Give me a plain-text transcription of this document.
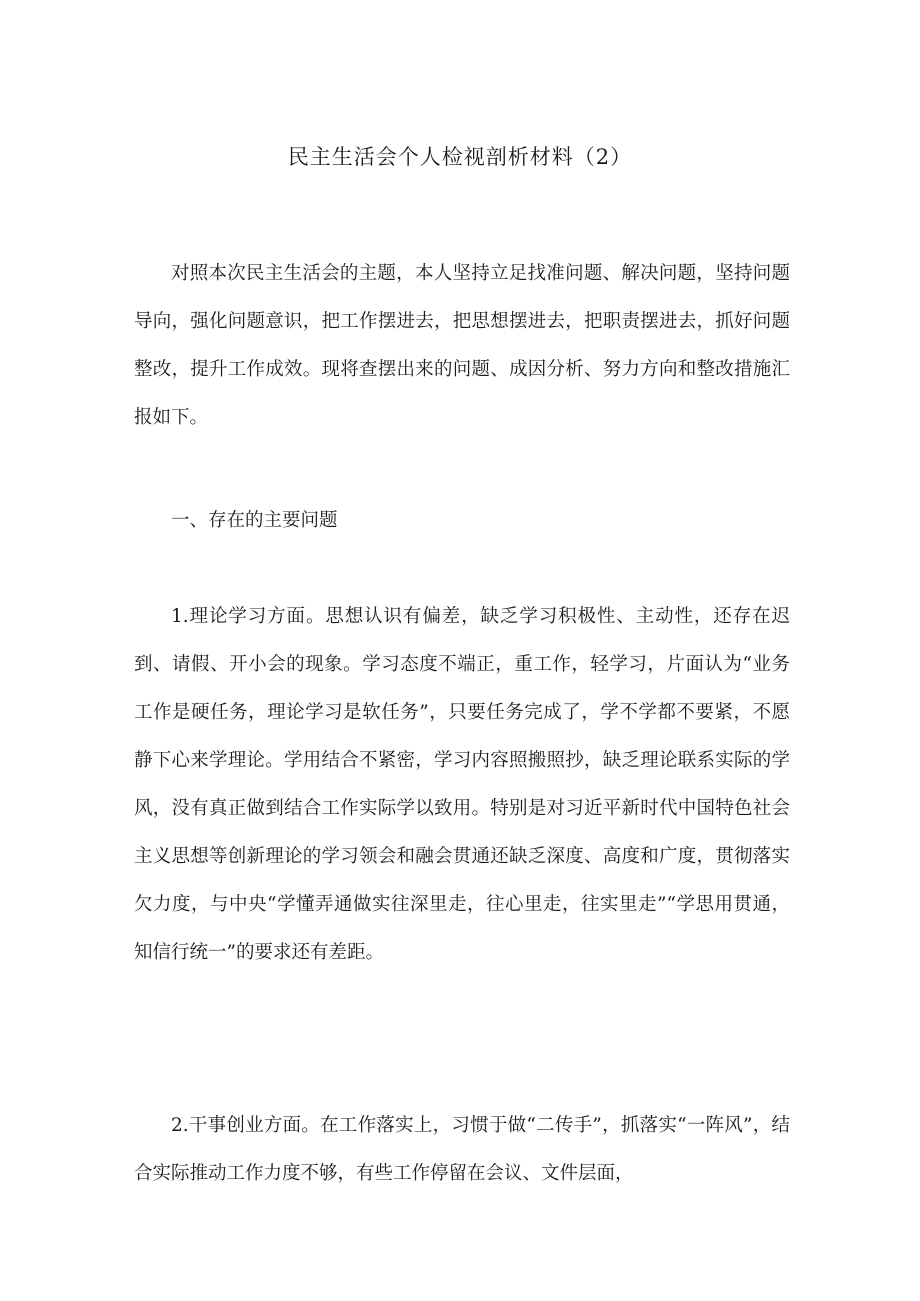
民主生活会个人检视剖析材料（2）

对照本次民主生活会的主题，本人坚持立足找准问题、解决问题，坚持问题导向，强化问题意识，把工作摆进去，把思想摆进去，把职责摆进去，抓好问题整改，提升工作成效。现将查摆出来的问题、成因分析、努力方向和整改措施汇报如下。

一、存在的主要问题

1.理论学习方面。思想认识有偏差，缺乏学习积极性、主动性，还存在迟到、请假、开小会的现象。学习态度不端正，重工作，轻学习，片面认为“业务工作是硬任务，理论学习是软任务”，只要任务完成了，学不学都不要紧，不愿静下心来学理论。学用结合不紧密，学习内容照搬照抄，缺乏理论联系实际的学风，没有真正做到结合工作实际学以致用。特别是对习近平新时代中国特色社会主义思想等创新理论的学习领会和融会贯通还缺乏深度、高度和广度，贯彻落实欠力度，与中央“学懂弄通做实往深里走，往心里走，往实里走”“学思用贯通，知信行统一”的要求还有差距。

2.干事创业方面。在工作落实上，习惯于做“二传手”，抓落实“一阵风”，结合实际推动工作力度不够，有些工作停留在会议、文件层面，
